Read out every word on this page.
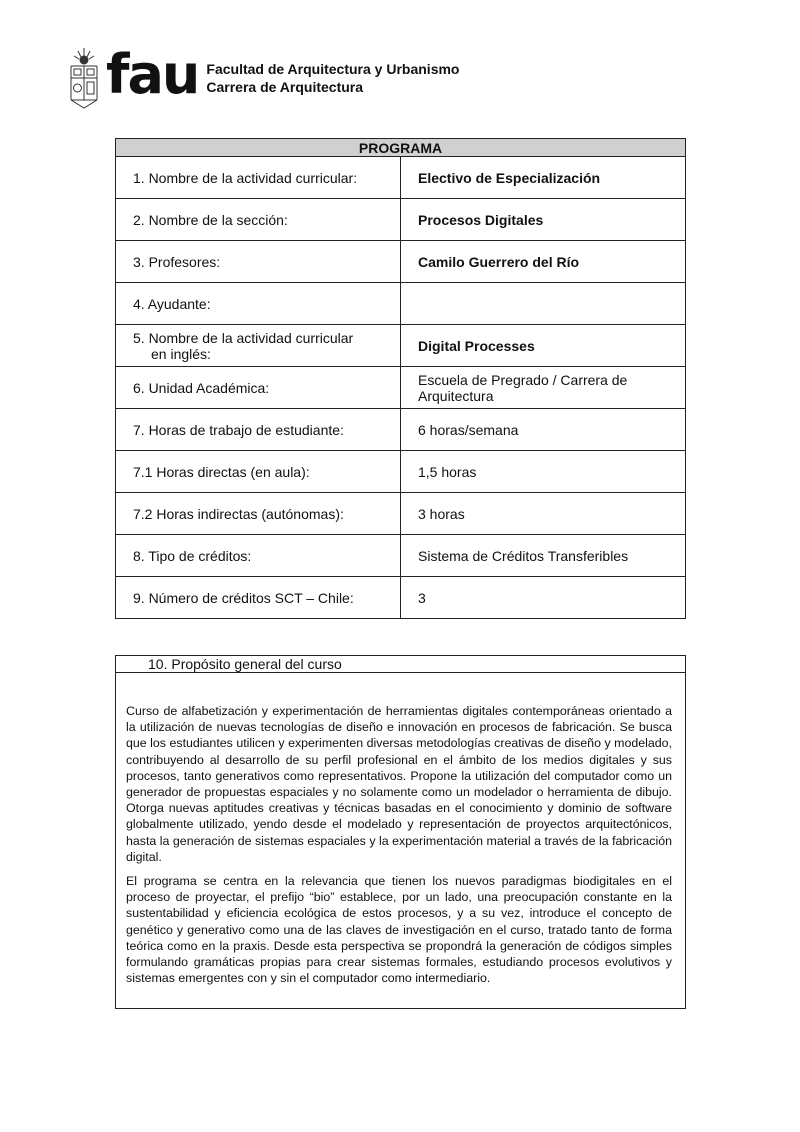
fau Facultad de Arquitectura y Urbanismo
Carrera de Arquitectura
PROGRAMA	
1. Nombre de la actividad curricular:	Electivo de Especialización
2. Nombre de la sección:	Procesos Digitales
3. Profesores:	Camilo Guerrero del Río
4. Ayudante:	
5. Nombre de la actividad curricular
en inglés:	Digital Processes
6. Unidad Académica:	Escuela de Pregrado / Carrera de
Arquitectura

7. Horas de trabajo de estudiante:	6 horas/semana
7.1 Horas directas (en aula):	1,5 horas
7.2 Horas indirectas (autónomas):	3 horas
8. Tipo de créditos:	Sistema de Créditos Transferibles
9. Número de créditos SCT – Chile:	3
10. Propósito general del curso

Curso de alfabetización y experimentación de herramientas digitales contemporáneas orientado a la utilización de nuevas tecnologías de diseño e innovación en procesos de fabricación. Se busca que los estudiantes utilicen y experimenten diversas metodologías creativas de diseño y modelado, contribuyendo al desarrollo de su perfil profesional en el ámbito de los medios digitales y sus procesos, tanto generativos como representativos. Propone la utilización del computador como un generador de propuestas espaciales y no solamente como un modelador o herramienta de dibujo. Otorga nuevas aptitudes creativas y técnicas basadas en el conocimiento y dominio de software globalmente utilizado, yendo desde el modelado y representación de proyectos arquitectónicos, hasta la generación de sistemas espaciales y la experimentación material a través de la fabricación digital.

El programa se centra en la relevancia que tienen los nuevos paradigmas biodigitales en el proceso de proyectar, el prefijo “bio” establece, por un lado, una preocupación constante en la sustentabilidad y eficiencia ecológica de estos procesos, y a su vez, introduce el concepto de genético y generativo como una de las claves de investigación en el curso, tratado tanto de forma teórica como en la praxis. Desde esta perspectiva se propondrá la generación de códigos simples formulando gramáticas propias para crear sistemas formales, estudiando procesos evolutivos y sistemas emergentes con y sin el computador como intermediario.
